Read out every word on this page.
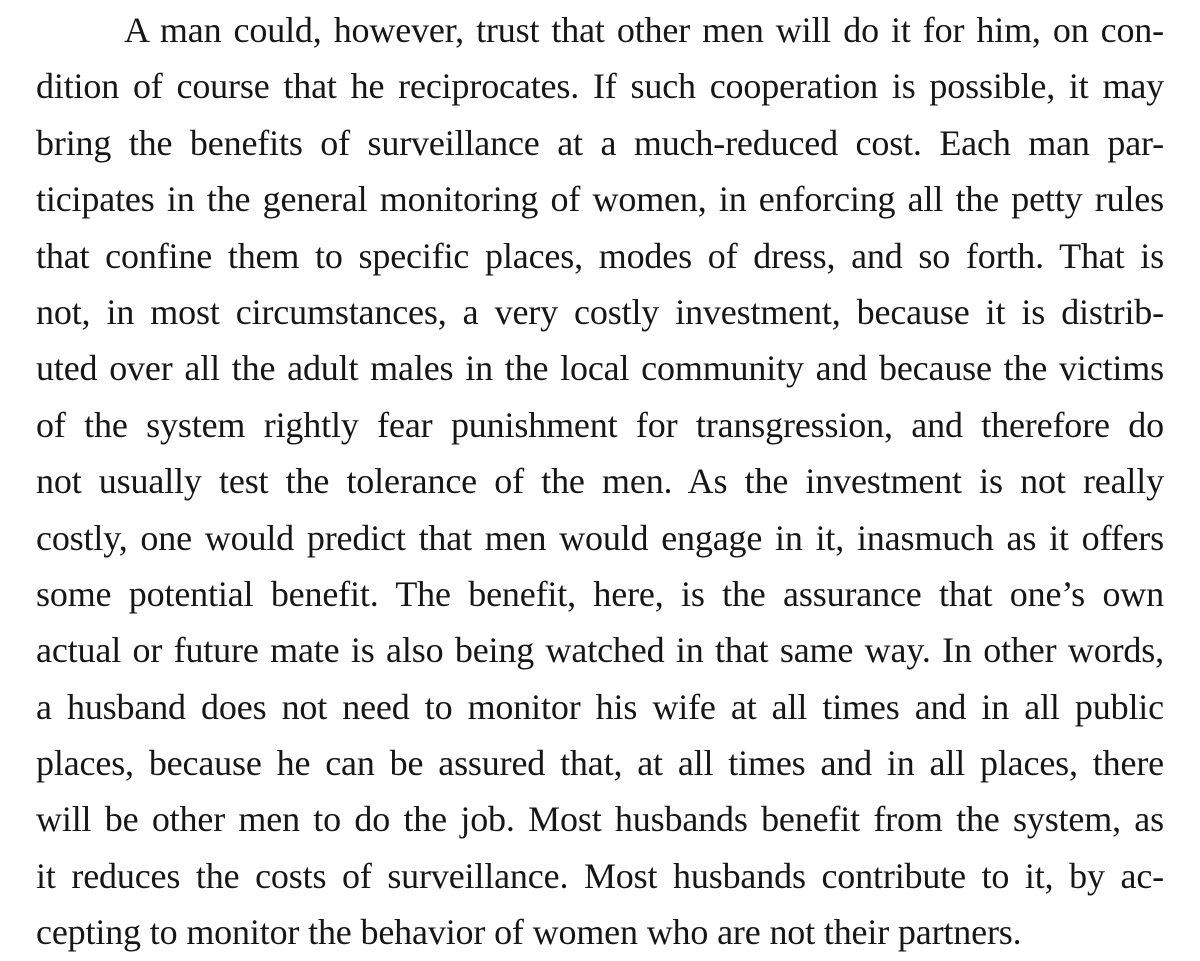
A man could, however, trust that other men will do it for him, on con-
dition of course that he reciprocates. If such cooperation is possible, it may
bring the benefits of surveillance at a much-reduced cost. Each man par-
ticipates in the general monitoring of women, in enforcing all the petty rules
that confine them to specific places, modes of dress, and so forth. That is
not, in most circumstances, a very costly investment, because it is distrib-
uted over all the adult males in the local community and because the victims
of the system rightly fear punishment for transgression, and therefore do
not usually test the tolerance of the men. As the investment is not really
costly, one would predict that men would engage in it, inasmuch as it offers
some potential benefit. The benefit, here, is the assurance that one’s own
actual or future mate is also being watched in that same way. In other words,
a husband does not need to monitor his wife at all times and in all public
places, because he can be assured that, at all times and in all places, there
will be other men to do the job. Most husbands benefit from the system, as
it reduces the costs of surveillance. Most husbands contribute to it, by ac-
cepting to monitor the behavior of women who are not their partners.
